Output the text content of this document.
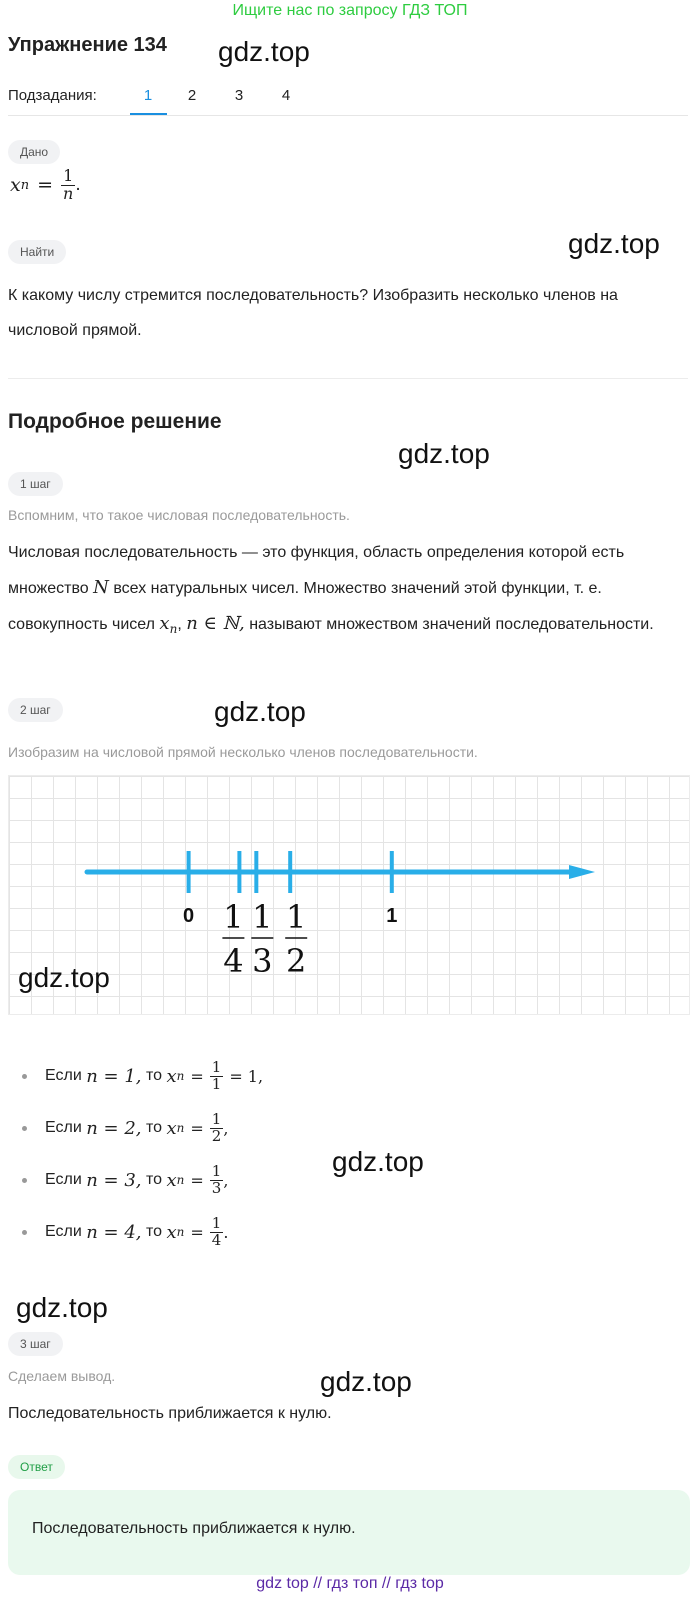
Ищите нас по запросу ГДЗ ТОП
Упражнение 134 gdz.top
Подзадания:	1	2	3	4
Дано
x $n = \frac{1}{n}$ .
Найти	gdz.top
К какому числу стремится последовательность? Изобразить несколько членов на числовой прямой.
Подробное решение
gdz.top
1 шаг
Вспомним, что такое числовая последовательность.
Числовая последовательность — это функция, область определения которой есть множество N всех натуральных чисел. Множество значений этой функции, т. е. совокупность чисел $x_n$, n ∈ ℕ, называют множеством значений последовательности.
2 шаг	gdz.top
Изобразим на числовой прямой несколько членов последовательности.
0 1
4
1
3
1
2
1
gdz.top
Если
n = 1,
то
x $n = \frac{1}{1} = 1$,
Если
n = 2,
то
x $n = \frac{1}{2}$ ,
gdz.top
Если
n = 3,
то
x $n = \frac{1}{3}$ ,
Если
n = 4,
то
x $n = \frac{1}{4}$ .
gdz.top
3 шаг
Сделаем вывод.	gdz.top
Последовательность приближается к нулю.
Ответ
Последовательность приближается к нулю.
gdz top // гдз топ // гдз top
